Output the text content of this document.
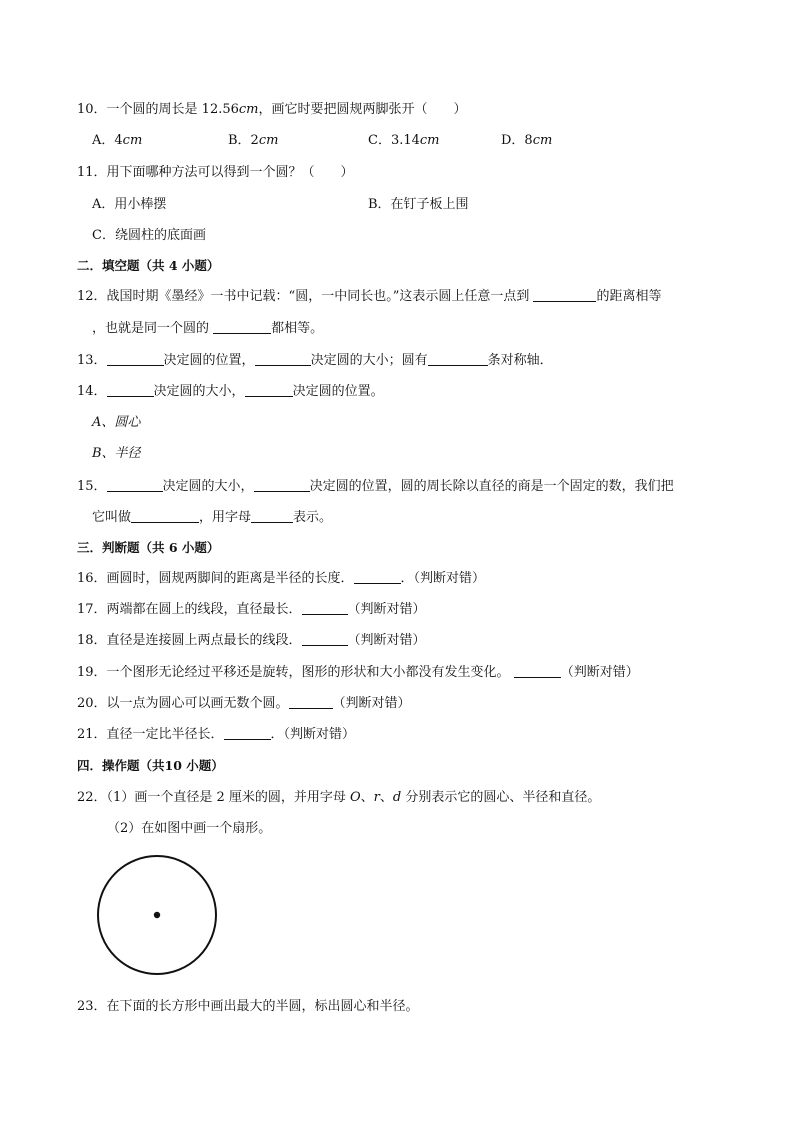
10．一个圆的周长是 12.56cm，画它时要把圆规两脚张开（　　）
A．4cm	B．2cm	C．3.14cm	D．8cm
11．用下面哪种方法可以得到一个圆？（　　）
A．用小棒摆	B．在钉子板上围
C．绕圆柱的底面画
二．填空题（共 4 小题）
12．战国时期《墨经》一书中记载：“圆，一中同长也。”这表示圆上任意一点到	的距离相等
，也就是同一个圆的	都相等。
13．	决定圆的位置，	决定圆的大小；圆有	条对称轴．
14．	决定圆的大小，	决定圆的位置。
A、圆心
B、半径
15．	决定圆的大小，	决定圆的位置，圆的周长除以直径的商是一个固定的数，我们把
它叫做	，用字母	表示。
三．判断题（共 6 小题）
16．画圆时，圆规两脚间的距离是半径的长度．	．（判断对错）
17．两端都在圆上的线段，直径最长．	（判断对错）
18．直径是连接圆上两点最长的线段．	（判断对错）
19．一个图形无论经过平移还是旋转，图形的形状和大小都没有发生变化。	（判断对错）
20．以一点为圆心可以画无数个圆。	（判断对错）
21．直径一定比半径长．	．（判断对错）
四．操作题（共10 小题）
22．（1）画一个直径是 2 厘米的圆，并用字母 O、r、d 分别表示它的圆心、半径和直径。
（2）在如图中画一个扇形。
23．在下面的长方形中画出最大的半圆，标出圆心和半径。
